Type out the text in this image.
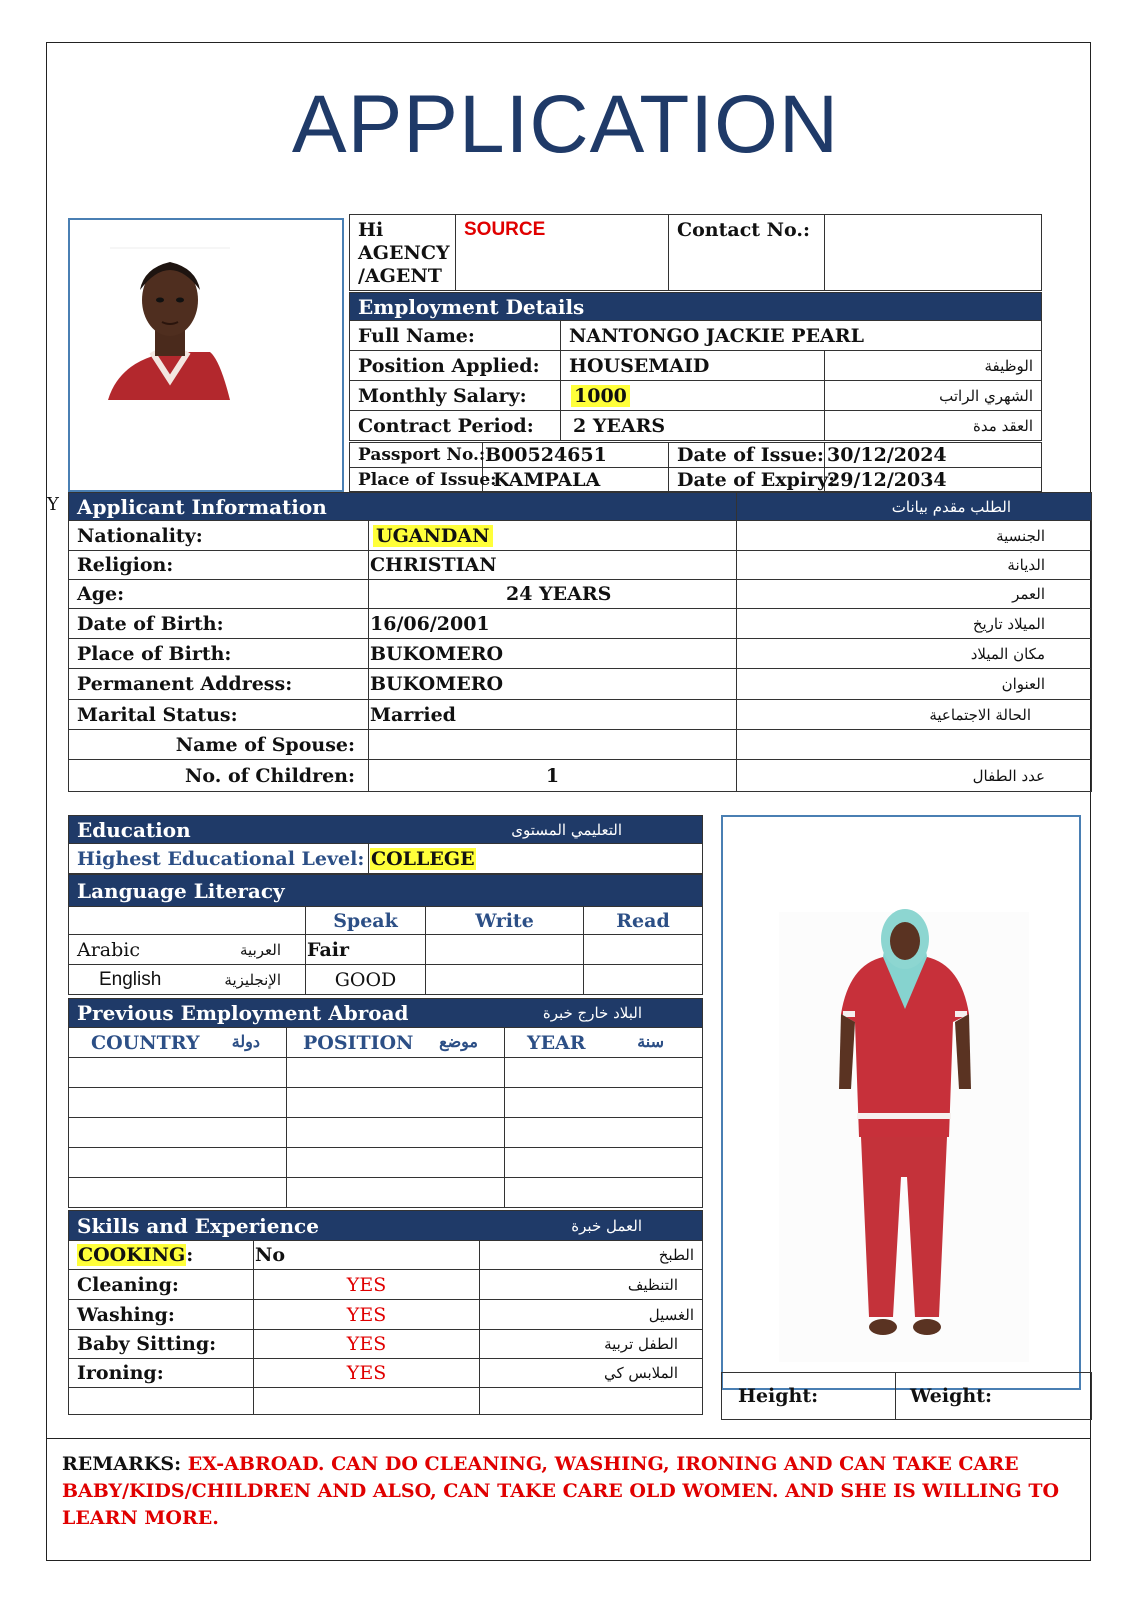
APPLICATION
Hi AGENCY /AGENT	SOURCE	Contact No.:	
Employment Details		
Full Name:	NANTONGO JACKIE PEARL	
Position Applied:	HOUSEMAID	الوظيفة
Monthly Salary:	1000	الشهري الراتب
Contract Period:	2 YEARS	العقد مدة
Passport No.:	B00524651	Date of Issue:	30/12/2024
Place of Issue:	KAMPALA	Date of Expiry:	29/12/2034
Y Applicant Information		الطلب مقدم بيانات
Nationality:	UGANDAN	الجنسية
Religion:	CHRISTIAN	الديانة
Age:	24 YEARS	العمر
Date of Birth:	16/06/2001	الميلاد تاريخ
Place of Birth:	BUKOMERO	مكان الميلاد
Permanent Address:	BUKOMERO	العنوان
Marital Status:	Married	الحالة الاجتماعية
Name of Spouse:		
No. of Children:	1	عدد الطفال
Education	التعليمي المستوى
Highest Educational Level:	COLLEGE
Language Literacy				
		Speak	Write	Read
Arabic	العربية	Fair		
English	الإنجليزية	GOOD		
Previous Employment Abroad		البلاد خارج خبرة
COUNTRY دولة	POSITION موضع	YEAR سنة

Skills and Experience		العمل خبرة
COOKING:	No	الطبخ
Cleaning:	YES	التنظيف
Washing:	YES	الغسيل
Baby Sitting:	YES	الطفل تربية
Ironing:	YES	الملابس كي

Height:	Weight:
REMARKS: EX-ABROAD. CAN DO CLEANING, WASHING, IRONING AND CAN TAKE CARE BABY/KIDS/CHILDREN AND ALSO, CAN TAKE CARE OLD WOMEN. AND SHE IS WILLING TO LEARN MORE.
